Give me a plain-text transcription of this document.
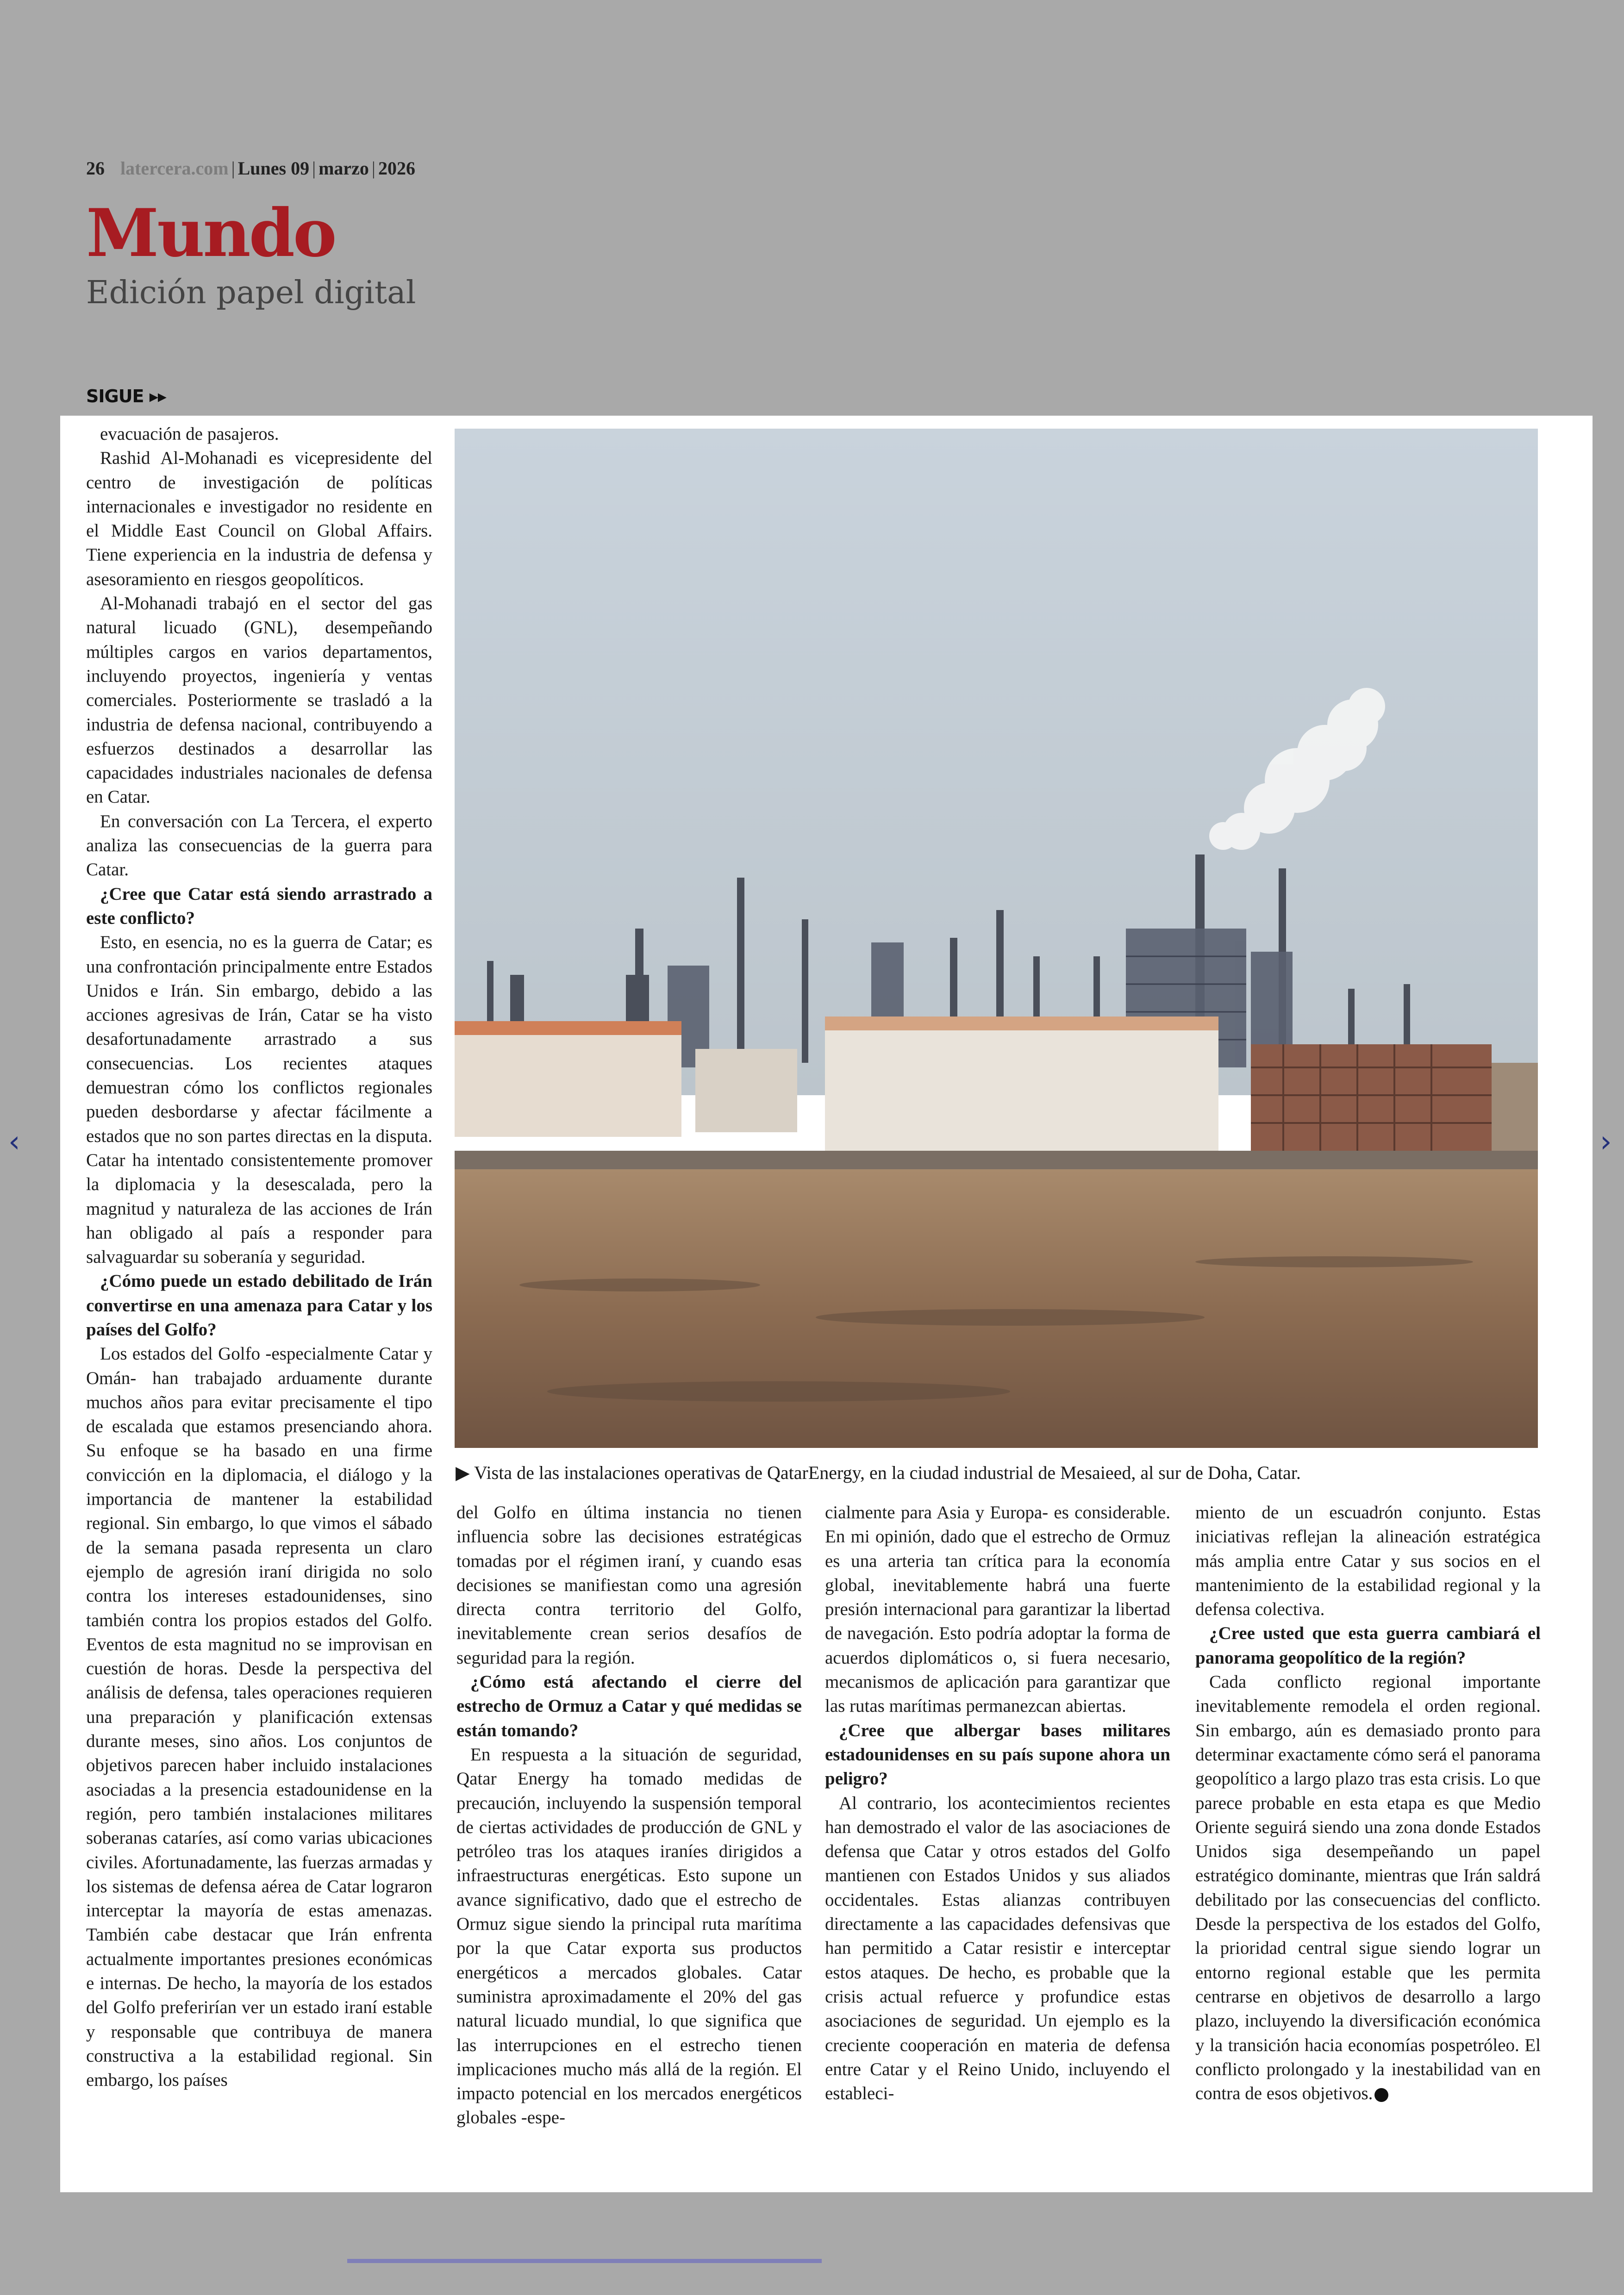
26 latercera.com | Lunes 09 | marzo | 2026
Mundo
Edición papel digital
SIGUE ▸▸

evacuación de pasajeros.

Rashid Al-Mohanadi es vicepresidente del centro de investigación de políticas internacionales e investigador no residente en el Middle East Council on Global Affairs. Tiene experiencia en la industria de defensa y asesoramiento en riesgos geopolíticos.

Al-Mohanadi trabajó en el sector del gas natural licuado (GNL), desempeñando múltiples cargos en varios departamentos, incluyendo proyectos, ingeniería y ventas comerciales. Posteriormente se trasladó a la industria de defensa nacional, contribuyendo a esfuerzos destinados a desarrollar las capacidades industriales nacionales de defensa en Catar.

En conversación con La Tercera, el experto analiza las consecuencias de la guerra para Catar.

¿Cree que Catar está siendo arrastrado a este conflicto?

Esto, en esencia, no es la guerra de Catar; es una confrontación principalmente entre Estados Unidos e Irán. Sin embargo, debido a las acciones agresivas de Irán, Catar se ha visto desafortunadamente arrastrado a sus consecuencias. Los recientes ataques demuestran cómo los conflictos regionales pueden desbordarse y afectar fácilmente a estados que no son partes directas en la disputa. Catar ha intentado consistentemente promover la diplomacia y la desescalada, pero la magnitud y naturaleza de las acciones de Irán han obligado al país a responder para salvaguardar su soberanía y seguridad.

¿Cómo puede un estado debilitado de Irán convertirse en una amenaza para Catar y los países del Golfo?

Los estados del Golfo -especialmente Catar y Omán- han trabajado arduamente durante muchos años para evitar precisamente el tipo de escalada que estamos presenciando ahora. Su enfoque se ha basado en una firme convicción en la diplomacia, el diálogo y la importancia de mantener la estabilidad regional. Sin embargo, lo que vimos el sábado de la semana pasada representa un claro ejemplo de agresión iraní dirigida no solo contra los intereses estadounidenses, sino también contra los propios estados del Golfo. Eventos de esta magnitud no se improvisan en cuestión de horas. Desde la perspectiva del análisis de defensa, tales operaciones requieren una preparación y planificación extensas durante meses, sino años. Los conjuntos de objetivos parecen haber incluido instalaciones asociadas a la presencia estadounidense en la región, pero también instalaciones militares soberanas cataríes, así como varias ubicaciones civiles. Afortunadamente, las fuerzas armadas y los sistemas de defensa aérea de Catar lograron interceptar la mayoría de estas amenazas. También cabe destacar que Irán enfrenta actualmente importantes presiones económicas e internas. De hecho, la mayoría de los estados del Golfo preferirían ver un estado iraní estable y responsable que contribuya de manera constructiva a la estabilidad regional. Sin embargo, los países

del Golfo en última instancia no tienen influencia sobre las decisiones estratégicas tomadas por el régimen iraní, y cuando esas decisiones se manifiestan como una agresión directa contra territorio del Golfo, inevitablemente crean serios desafíos de seguridad para la región.

¿Cómo está afectando el cierre del estrecho de Ormuz a Catar y qué medidas se están tomando?

En respuesta a la situación de seguridad, Qatar Energy ha tomado medidas de precaución, incluyendo la suspensión temporal de ciertas actividades de producción de GNL y petróleo tras los ataques iraníes dirigidos a infraestructuras energéticas. Esto supone un avance significativo, dado que el estrecho de Ormuz sigue siendo la principal ruta marítima por la que Catar exporta sus productos energéticos a mercados globales. Catar suministra aproximadamente el 20% del gas natural licuado mundial, lo que significa que las interrupciones en el estrecho tienen implicaciones mucho más allá de la región. El impacto potencial en los mercados energéticos globales -espe-

cialmente para Asia y Europa- es considerable. En mi opinión, dado que el estrecho de Ormuz es una arteria tan crítica para la economía global, inevitablemente habrá una fuerte presión internacional para garantizar la libertad de navegación. Esto podría adoptar la forma de acuerdos diplomáticos o, si fuera necesario, mecanismos de aplicación para garantizar que las rutas marítimas permanezcan abiertas.

¿Cree que albergar bases militares estadounidenses en su país supone ahora un peligro?

Al contrario, los acontecimientos recientes han demostrado el valor de las asociaciones de defensa que Catar y otros estados del Golfo mantienen con Estados Unidos y sus aliados occidentales. Estas alianzas contribuyen directamente a las capacidades defensivas que han permitido a Catar resistir e interceptar estos ataques. De hecho, es probable que la crisis actual refuerce y profundice estas asociaciones de seguridad. Un ejemplo es la creciente cooperación en materia de defensa entre Catar y el Reino Unido, incluyendo el estableci-

miento de un escuadrón conjunto. Estas iniciativas reflejan la alineación estratégica más amplia entre Catar y sus socios en el mantenimiento de la estabilidad regional y la defensa colectiva.

¿Cree usted que esta guerra cambiará el panorama geopolítico de la región?

Cada conflicto regional importante inevitablemente remodela el orden regional. Sin embargo, aún es demasiado pronto para determinar exactamente cómo será el panorama geopolítico a largo plazo tras esta crisis. Lo que parece probable en esta etapa es que Medio Oriente seguirá siendo una zona donde Estados Unidos siga desempeñando un papel estratégico dominante, mientras que Irán saldrá debilitado por las consecuencias del conflicto. Desde la perspectiva de los estados del Golfo, la prioridad central sigue siendo lograr un entorno regional estable que les permita centrarse en objetivos de desarrollo a largo plazo, incluyendo la diversificación económica y la transición hacia economías pospetróleo. El conflicto prolongado y la inestabilidad van en contra de esos objetivos. P

▶ Vista de las instalaciones operativas de QatarEnergy, en la ciudad industrial de Mesaieed, al sur de Doha, Catar.
‹	›
